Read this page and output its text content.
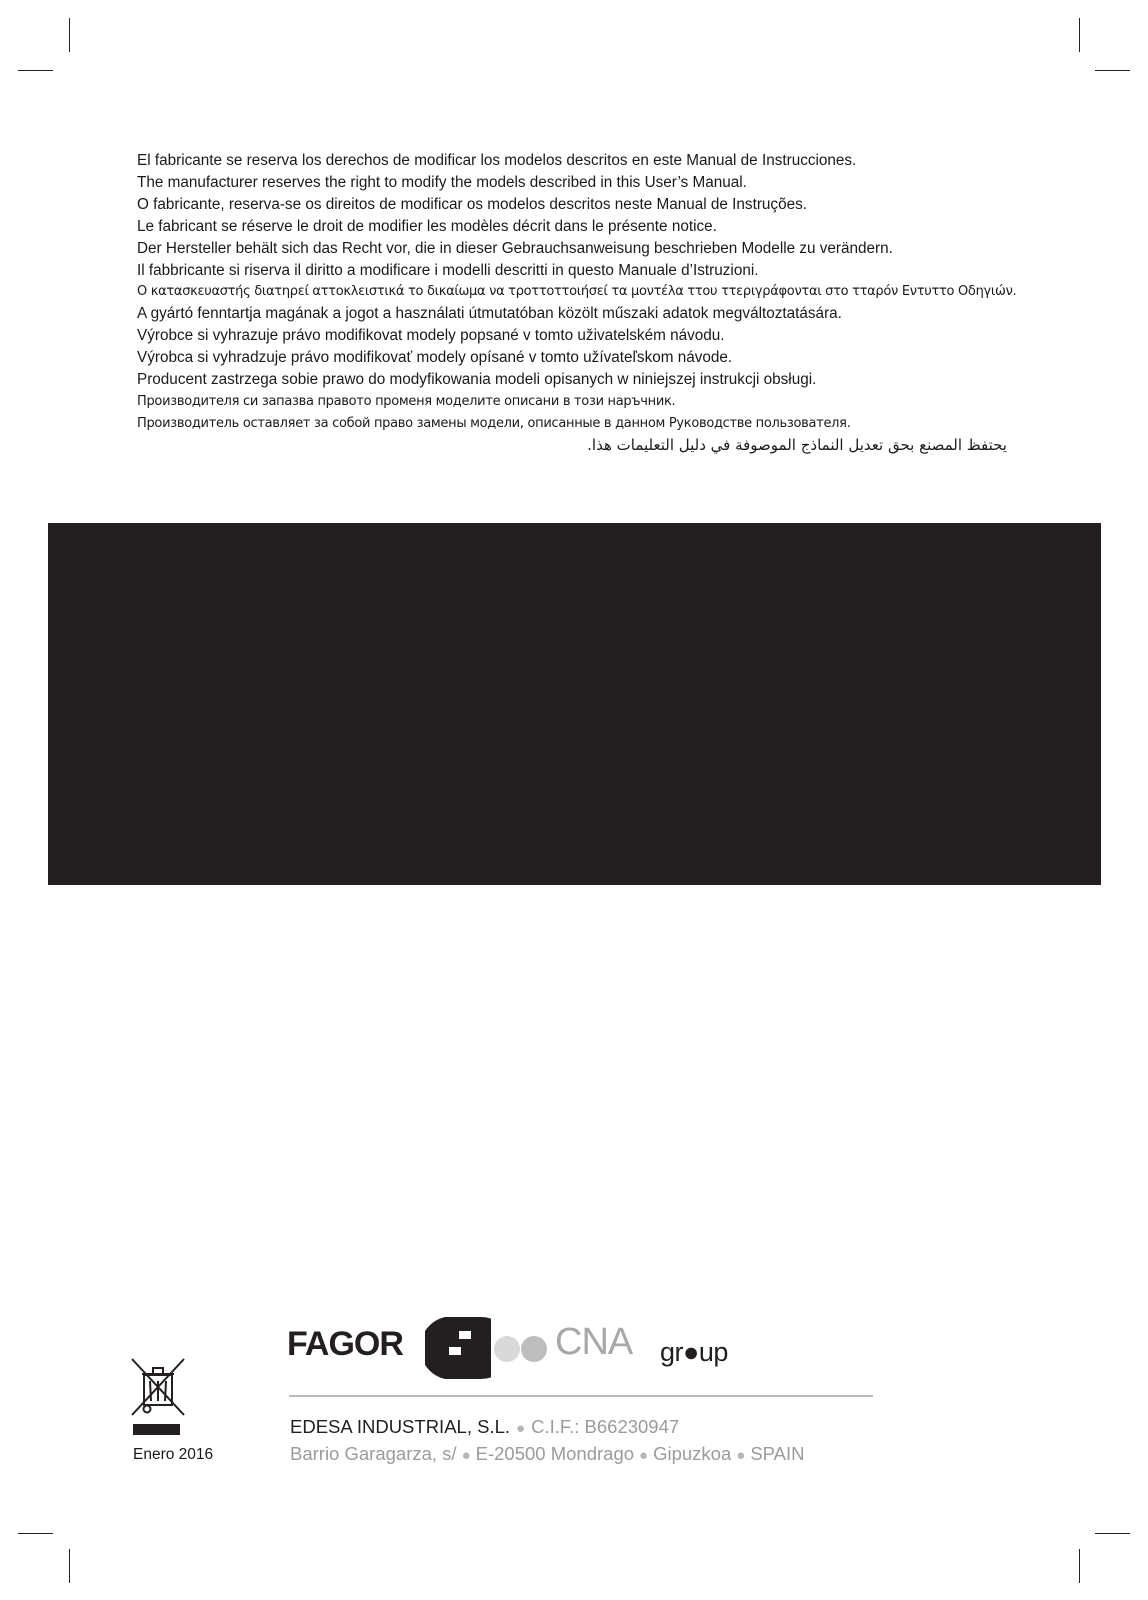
El fabricante se reserva los derechos de modificar los modelos descritos en este Manual de Instrucciones.
The manufacturer reserves the right to modify the models described in this User’s Manual.
O fabricante, reserva-se os direitos de modificar os modelos descritos neste Manual de Instruções.
Le fabricant se réserve le droit de modifier les modèles décrit dans le présente notice.
Der Hersteller behält sich das Recht vor, die in dieser Gebrauchsanweisung beschrieben Modelle zu verändern.
Il fabbricante si riserva il diritto a modificare i modelli descritti in questo Manuale d’Istruzioni.
Ο κατασκευαστής διατηρεί αττοκλειστικά το δικαίωμα να τροττοττοιήσεί τα μοντέλα ττου ττεριγράφονται στο τταρόν Εντυττο Οδηγιών.
A gyártó fenntartja magának a jogot a használati útmutatóban közölt műszaki adatok megváltoztatására.
Výrobce si vyhrazuje právo modifikovat modely popsané v tomto uživatelském návodu.
Výrobca si vyhradzuje právo modifikovať modely opísané v tomto užívateľskom návode.
Producent zastrzega sobie prawo do modyfikowania modeli opisanych w niniejszej instrukcji obsługi.
Производителя си запазва правото променя моделите описани в този наръчник.
Производитель оставляет за собой право замены модели, описанные в данном Руководстве пользователя.
يحتفظ المصنع بحق تعديل النماذج الموصوفة في دليل التعليمات هذا.
Enero 2016
FAGOR	CNA gr●up
EDESA INDUSTRIAL, S.L. ● C.I.F.: B66230947
Barrio Garagarza, s/ ● E-20500 Mondrago ● Gipuzkoa ● SPAIN
